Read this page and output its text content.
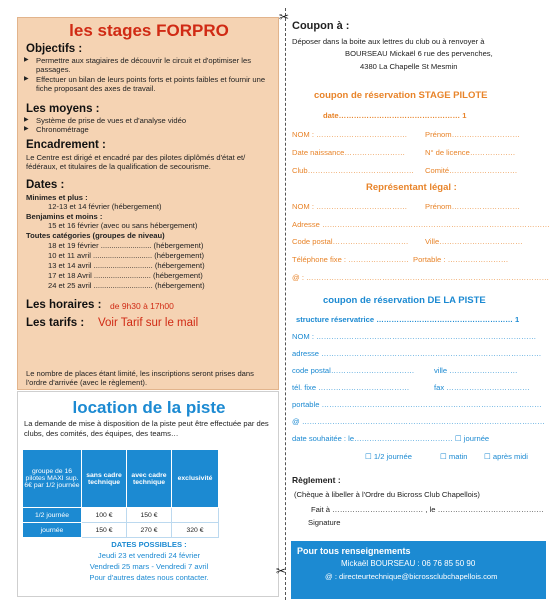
les stages FORPRO
Objectifs :
▶ Permettre aux stagiaires de découvrir le circuit et d'optimiser les passages.
▶ Effectuer un bilan de leurs points forts et points faibles et fournir une fiche proposant des axes de travail.
Les moyens :
▶ Système de prise de vues et d'analyse vidéo
▶ Chronométrage
Encadrement :
Le Centre est dirigé et encadré par des pilotes diplômés d'état et/ fédéraux, et titulaires de la qualification de secourisme.
Dates :
Minimes et plus :
12-13 et 14 février (hébergement)
Benjamins et moins :
15 et 16 février (avec ou sans hébergement)
Toutes catégories (groupes de niveau)
18 et 19 février ........................ (hébergement)
10 et 11 avril ............................ (hébergement)
13 et 14 avril ............................ (hébergement)
17 et 18 Avril ........................... (hébergement)
24 et 25 avril ............................ (hébergement)
Les horaires : de 9h30 à 17h00
Les tarifs : Voir Tarif sur le mail
Le nombre de places étant limité, les inscriptions seront prises dans l'ordre d'arrivée (avec le règlement).
location de la piste
La demande de mise à disposition de la piste peut être effectuée par des clubs, des comités, des équipes, des teams…
groupe de 16 pilotes MAXI sup. 6€ par 1/2 journée	sans cadre technique	avec cadre technique	exclusivité
1/2 journée	100 €	150 €	
journée	150 €	270 €	320 €
DATES POSSIBLES :
Jeudi 23 et vendredi 24 février
Vendredi 25 mars - Vendredi 7 avril
Pour d'autres dates nous contacter.
✂
✂
Coupon à :
Déposer dans la boite aux lettres du club ou à renvoyer à
BOURSEAU Mickaël 6 rue des pervenches,
4380 La Chapelle St Mesmin
coupon de réservation STAGE PILOTE
date………………………………………… 1
NOM : ……………………………… Prénom………………………
Date naissance……………………	N° de licence………………
Club…………………………………… Comité………………………
Représentant légal :
NOM : ……………………………… Prénom………………………
Adresse ………………………………………………………………………………
Code postal………………………… Ville……………………………
Téléphone fixe : …………………… Portable : ……………………
@ : ……………………………………………………………………………………
coupon de réservation DE LA PISTE
structure réservatrice ……………………………………………… 1
NOM : ……………………………………………………………………………
adresse ……………………………………………………………………………
code postal……………………………	ville ………………………
tél. fixe ………………………………	fax ……………………………
portable ……………………………………………………………………………
@ ……………………………………………………………………………………
date souhaitée : le………………………………… ☐ journée
☐ 1/2 journée	☐ matin ☐ après midi
Règlement :
(Chèque à libeller à l'Ordre du Bicross Club Chapellois)
Fait à ……………………………… , le ……………………………………
Signature
Pour tous renseignements
Mickaël BOURSEAU : 06 76 85 50 90
@ : directeurtechnique@bicrossclubchapellois.com
